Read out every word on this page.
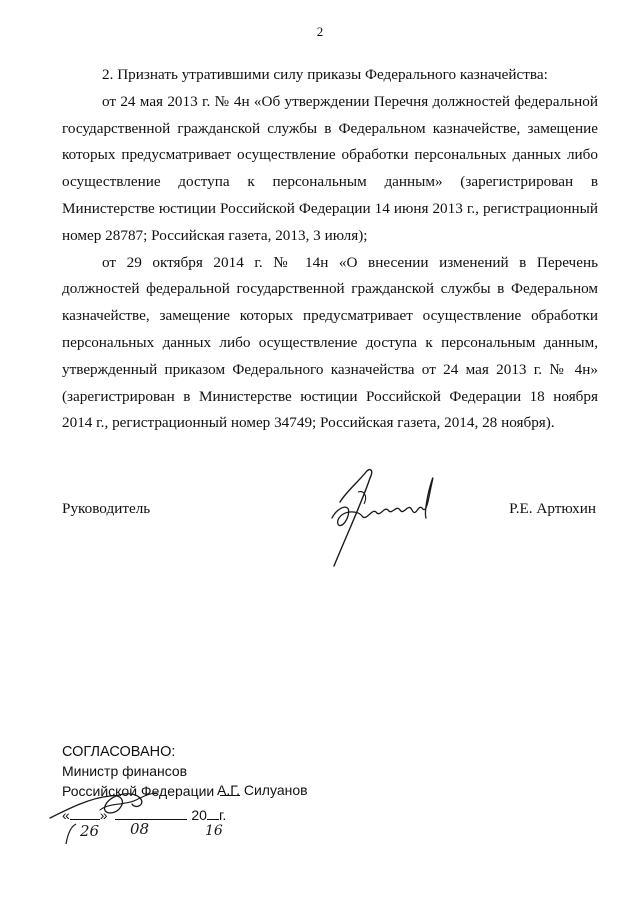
2

2. Признать утратившими силу приказы Федерального казначейства:

от 24 мая 2013 г. № 4н «Об утверждении Перечня должностей федеральной государственной гражданской службы в Федеральном казначействе, замещение которых предусматривает осуществление обработки персональных данных либо осуществление доступа к персональным данным» (зарегистрирован в Министерстве юстиции Российской Федерации 14 июня 2013 г., регистрационный номер 28787; Российская газета, 2013, 3 июля);

от 29 октября 2014 г. № 14н «О внесении изменений в Перечень должностей федеральной государственной гражданской службы в Федеральном казначействе, замещение которых предусматривает осуществление обработки персональных данных либо осуществление доступа к персональным данным, утвержденный приказом Федерального казначейства от 24 мая 2013 г. № 4н» (зарегистрирован в Министерстве юстиции Российской Федерации 18 ноября 2014 г., регистрационный номер 34749; Российская газета, 2014, 28 ноября).

Руководитель	Р.Е. Артюхин
СОГЛАСОВАНО:
Министр финансов
Российской Федерации А.Г. Силуанов
« »	20 г.
26 08	16
